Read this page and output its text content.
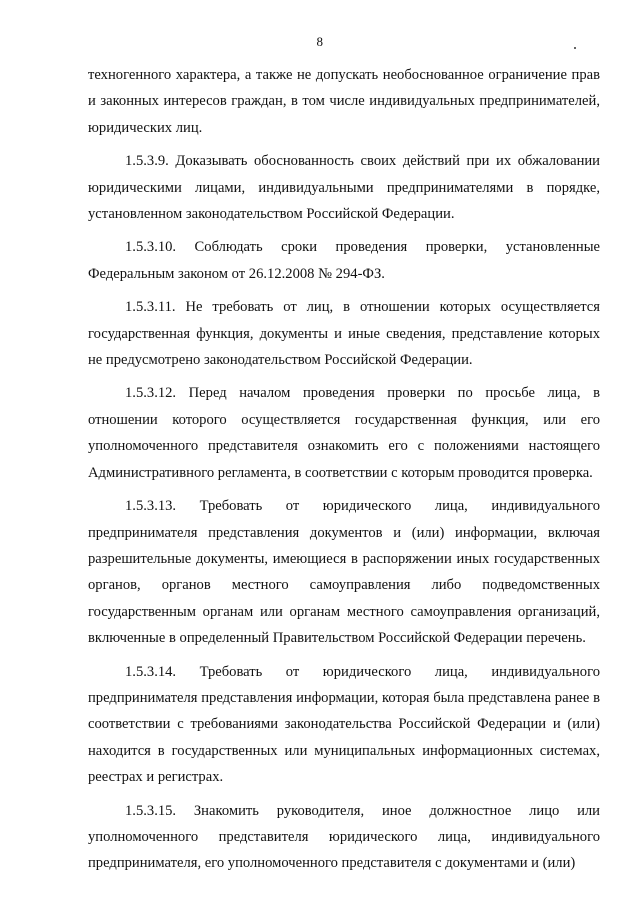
8

техногенного характера, а также не допускать необоснованное ограничение прав и законных интересов граждан, в том числе индивидуальных предпринимателей, юридических лиц.

1.5.3.9. Доказывать обоснованность своих действий при их обжаловании юридическими лицами, индивидуальными предпринимателями в порядке, установленном законодательством Российской Федерации.

1.5.3.10. Соблюдать сроки проведения проверки, установленные Федеральным законом от 26.12.2008 № 294-ФЗ.

1.5.3.11. Не требовать от лиц, в отношении которых осуществляется государственная функция, документы и иные сведения, представление которых не предусмотрено законодательством Российской Федерации.

1.5.3.12. Перед началом проведения проверки по просьбе лица, в отношении которого осуществляется государственная функция, или его уполномоченного представителя ознакомить его с положениями настоящего Административного регламента, в соответствии с которым проводится проверка.

1.5.3.13. Требовать от юридического лица, индивидуального предпринимателя представления документов и (или) информации, включая разрешительные документы, имеющиеся в распоряжении иных государственных органов, органов местного самоуправления либо подведомственных государственным органам или органам местного самоуправления организаций, включенные в определенный Правительством Российской Федерации перечень.

1.5.3.14. Требовать от юридического лица, индивидуального предпринимателя представления информации, которая была представлена ранее в соответствии с требованиями законодательства Российской Федерации и (или) находится в государственных или муниципальных информационных системах, реестрах и регистрах.

1.5.3.15. Знакомить руководителя, иное должностное лицо или уполномоченного представителя юридического лица, индивидуального предпринимателя, его уполномоченного представителя с документами и (или)
